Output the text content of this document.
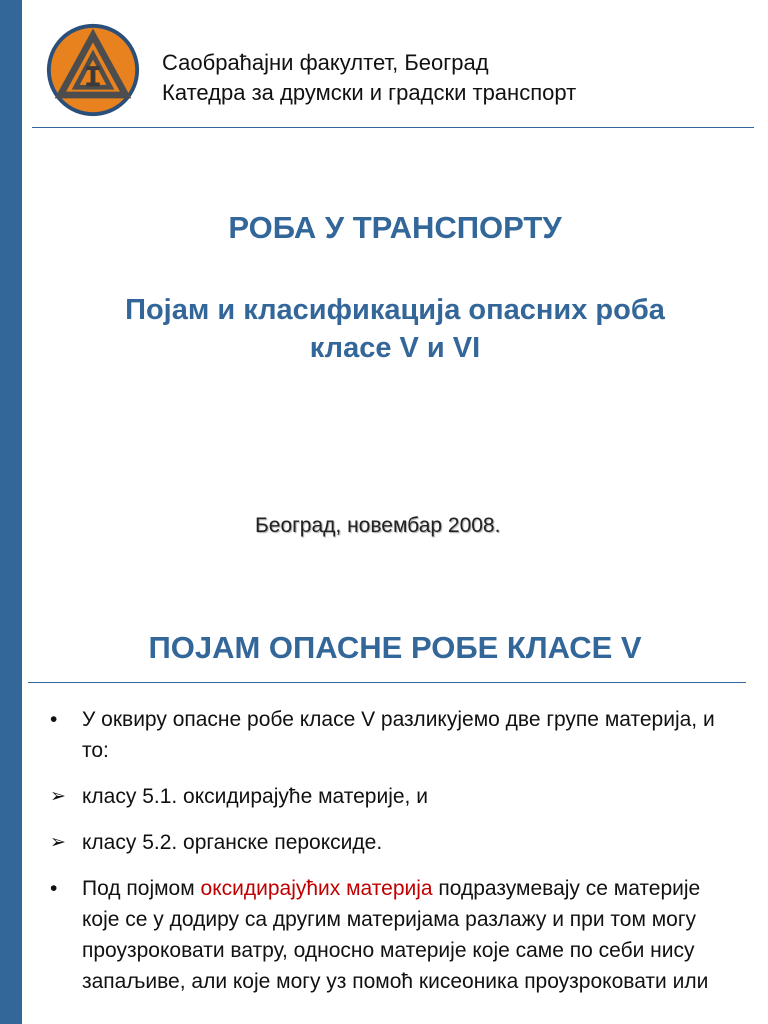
Саобраћајни факултет, Београд
Катедра за друмски и градски транспорт
РОБА У ТРАНСПОРТУ
Појам и класификација опасних роба
класе V и VI
Београд, новембар 2008.
ПОЈАМ ОПАСНЕ РОБЕ КЛАСЕ V
•	У оквиру опасне робе класе V разликујемо две групе материја, и то:
➢ класу 5.1. оксидирајуће материје, и
➢ класу 5.2. органске пероксиде.
•	Под појмом оксидирајућих материја подразумевају се материје које се у додиру са другим материјама разлажу и при том могу проузроковати ватру, односно материје које саме по себи нису запаљиве, али које могу уз помоћ кисеоника проузроковати или
